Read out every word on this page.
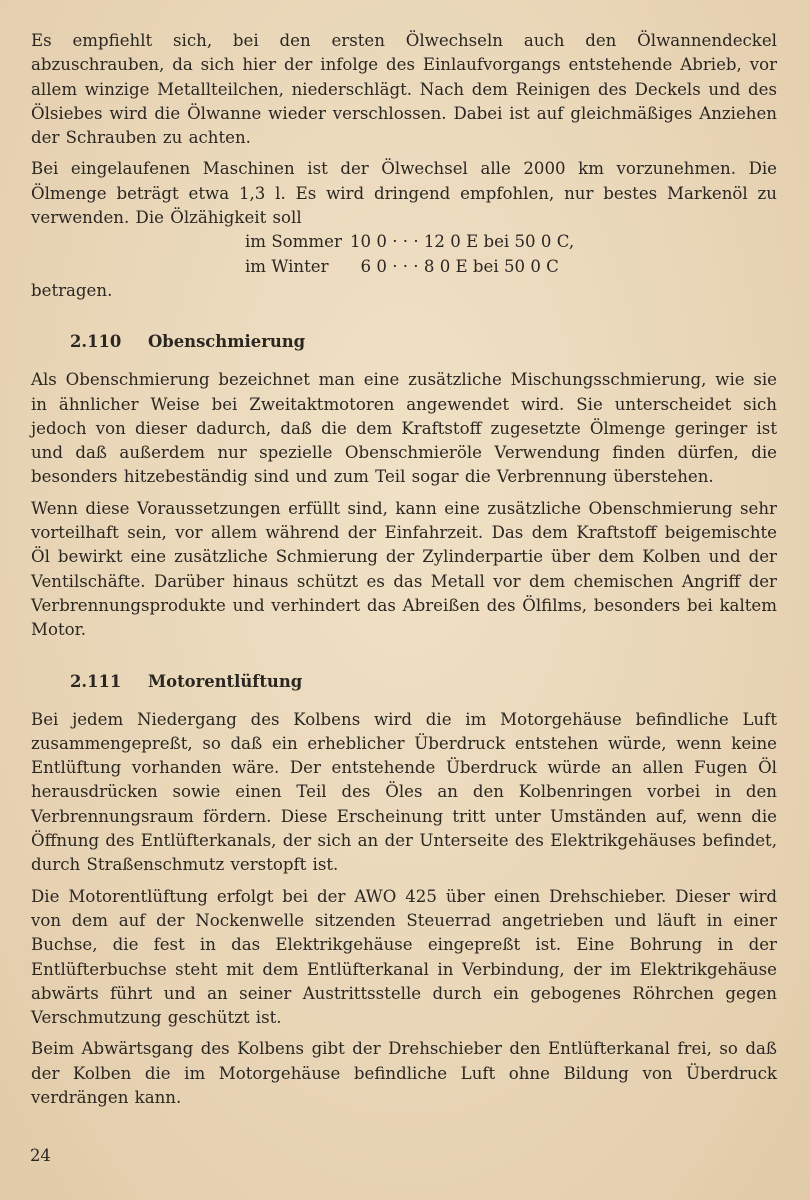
Es empfiehlt sich, bei den ersten Ölwechseln auch den Ölwannendeckel abzuschrauben, da sich hier der infolge des Einlaufvorgangs entstehende Abrieb, vor allem winzige Metallteilchen, niederschlägt. Nach dem Reinigen des Deckels und des Ölsiebes wird die Ölwanne wieder verschlossen. Dabei ist auf gleichmäßiges Anziehen der Schrauben zu achten.

Bei eingelaufenen Maschinen ist der Ölwechsel alle 2000 km vorzunehmen. Die Ölmenge beträgt etwa 1,3 l. Es wird dringend empfohlen, nur bestes Markenöl zu verwenden. Die Ölzähigkeit soll

im Sommer 10 0 · · · 12 0 E bei 50 0 C,
im Winter  6 0 · · · 8 0 E bei 50 0 C

betragen.

2.110 Obenschmierung

Als Obenschmierung bezeichnet man eine zusätzliche Mischungsschmierung, wie sie in ähnlicher Weise bei Zweitaktmotoren angewendet wird. Sie unterscheidet sich jedoch von dieser dadurch, daß die dem Kraftstoff zugesetzte Ölmenge geringer ist und daß außerdem nur spezielle Obenschmieröle Verwendung finden dürfen, die besonders hitzebeständig sind und zum Teil sogar die Verbrennung überstehen.

Wenn diese Voraussetzungen erfüllt sind, kann eine zusätzliche Obenschmierung sehr vorteilhaft sein, vor allem während der Einfahrzeit. Das dem Kraftstoff beigemischte Öl bewirkt eine zusätzliche Schmierung der Zylinderpartie über dem Kolben und der Ventilschäfte. Darüber hinaus schützt es das Metall vor dem chemischen Angriff der Verbrennungsprodukte und verhindert das Abreißen des Ölfilms, besonders bei kaltem Motor.

2.111 Motorentlüftung

Bei jedem Niedergang des Kolbens wird die im Motorgehäuse befindliche Luft zusammengepreßt, so daß ein erheblicher Überdruck entstehen würde, wenn keine Entlüftung vorhanden wäre. Der entstehende Überdruck würde an allen Fugen Öl herausdrücken sowie einen Teil des Öles an den Kolbenringen vorbei in den Verbrennungsraum fördern. Diese Erscheinung tritt unter Umständen auf, wenn die Öffnung des Entlüfterkanals, der sich an der Unterseite des Elektrikgehäuses befindet, durch Straßenschmutz verstopft ist.

Die Motorentlüftung erfolgt bei der AWO 425 über einen Drehschieber. Dieser wird von dem auf der Nockenwelle sitzenden Steuerrad angetrieben und läuft in einer Buchse, die fest in das Elektrikgehäuse eingepreßt ist. Eine Bohrung in der Entlüfterbuchse steht mit dem Entlüfterkanal in Verbindung, der im Elektrikgehäuse abwärts führt und an seiner Austrittsstelle durch ein gebogenes Röhrchen gegen Verschmutzung geschützt ist.

Beim Abwärtsgang des Kolbens gibt der Drehschieber den Entlüfterkanal frei, so daß der Kolben die im Motorgehäuse befindliche Luft ohne Bildung von Überdruck verdrängen kann.

24
